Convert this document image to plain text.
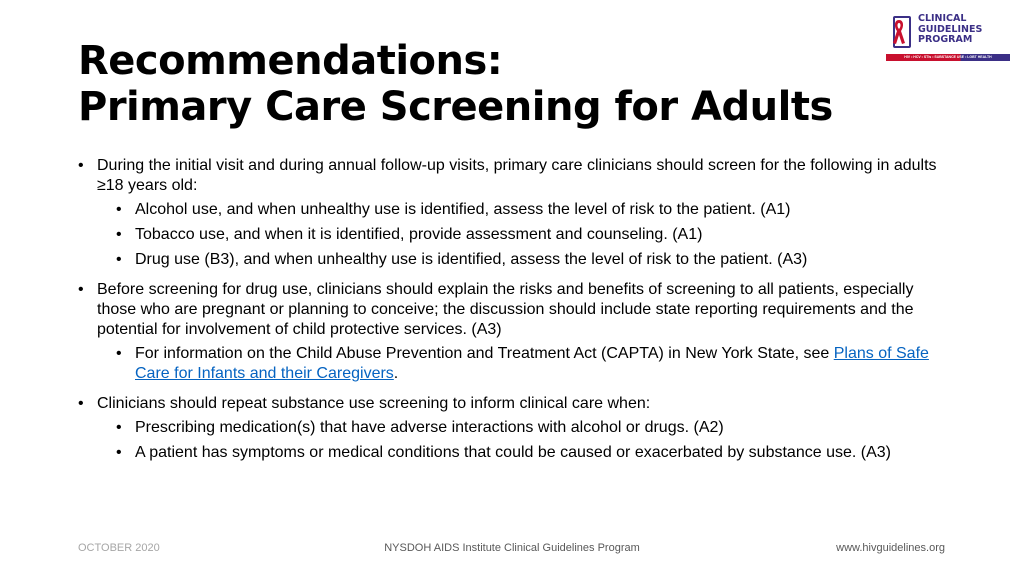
Recommendations:
Primary Care Screening for Adults
CLINICAL
GUIDELINES
PROGRAM
HIV • HCV • STIs • SUBSTANCE USE • LGBT HEALTH
• During the initial visit and during annual follow-up visits, primary care clinicians should screen for the following in adults ≥18 years old:
• Alcohol use, and when unhealthy use is identified, assess the level of risk to the patient. (A1)
• Tobacco use, and when it is identified, provide assessment and counseling. (A1)
• Drug use (B3), and when unhealthy use is identified, assess the level of risk to the patient. (A3)
• Before screening for drug use, clinicians should explain the risks and benefits of screening to all patients, especially those who are pregnant or planning to conceive; the discussion should include state reporting requirements and the potential for involvement of child protective services. (A3)
• For information on the Child Abuse Prevention and Treatment Act (CAPTA) in New York State, see Plans of Safe Care for Infants and their Caregivers.
• Clinicians should repeat substance use screening to inform clinical care when:
• Prescribing medication(s) that have adverse interactions with alcohol or drugs. (A2)
• A patient has symptoms or medical conditions that could be caused or exacerbated by substance use. (A3)
OCTOBER 2020	NYSDOH AIDS Institute Clinical Guidelines Program	www.hivguidelines.org
